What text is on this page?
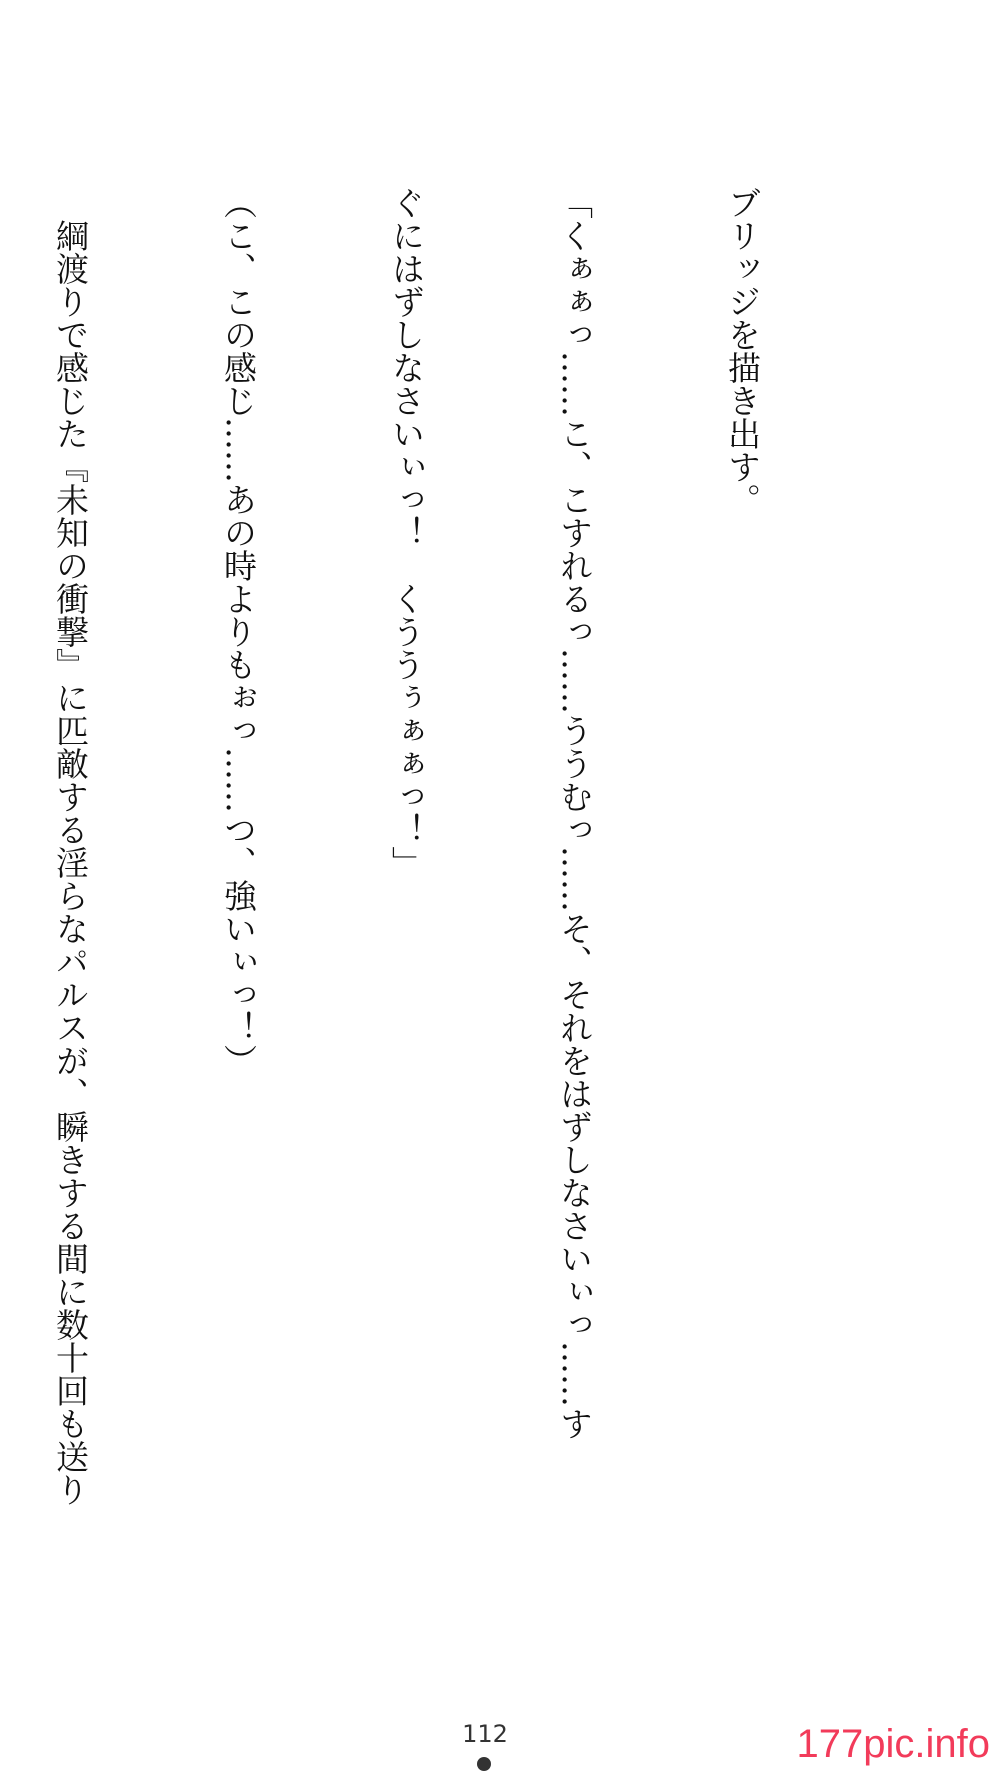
ブリッジを描き出す。

「くぁぁっ……こ、こすれるっ……ううむっ……そ、それをはずしなさいぃっ……す

ぐにはずしなさいぃっ！　くううぅぁぁっ！」

（こ、この感じ……あの時よりもぉっ……つ、強いぃっ！）

　綱渡りで感じた『未知の衝撃』に匹敵する淫らなパルスが、瞬きする間に数十回も送り

112	177pic.info
